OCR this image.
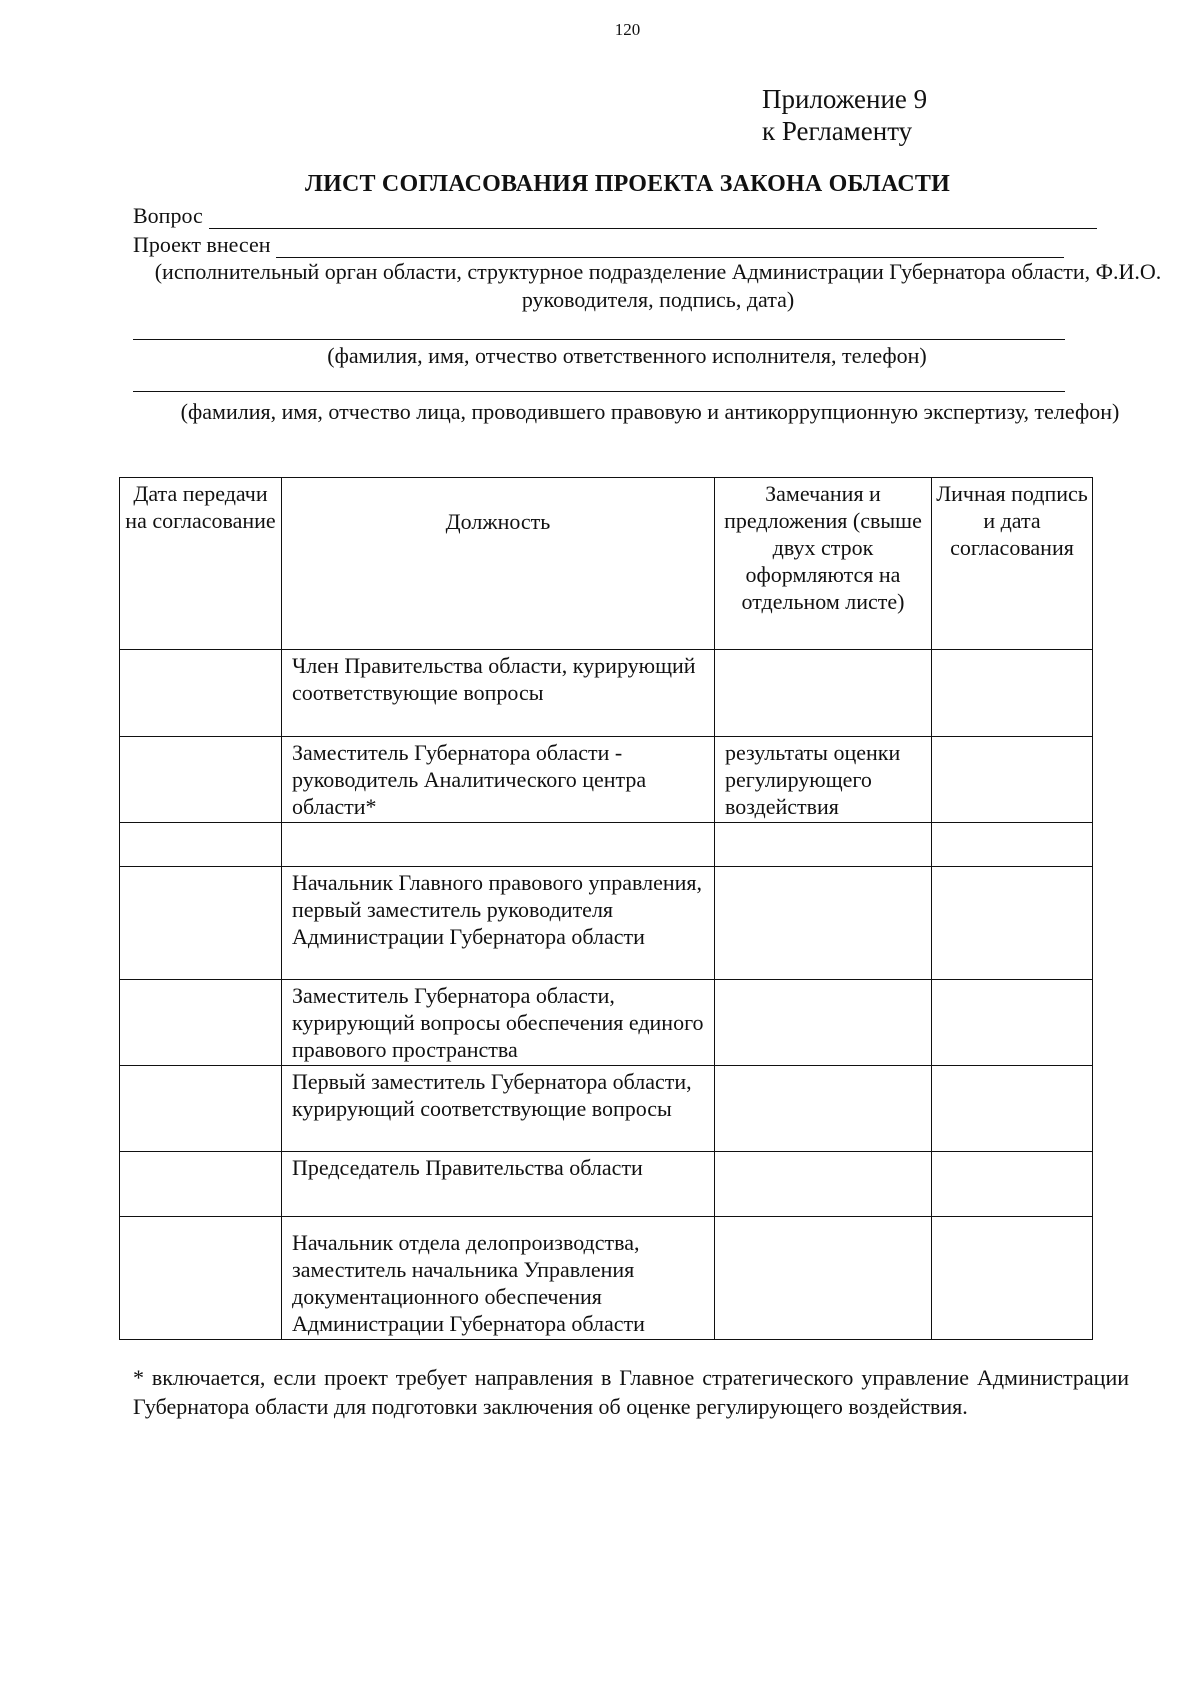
120
Приложение 9
к Регламенту
ЛИСТ СОГЛАСОВАНИЯ ПРОЕКТА ЗАКОНА ОБЛАСТИ
Вопрос
Проект внесен
(исполнительный орган области, структурное подразделение Администрации Губернатора области, Ф.И.О. руководителя, подпись, дата)
(фамилия, имя, отчество ответственного исполнителя, телефон)
(фамилия, имя, отчество лица, проводившего правовую и антикоррупционную экспертизу, телефон)
Дата передачи на согласование	Должность	Замечания и предложения (свыше двух строк оформляются на отдельном листе)	Личная подпись и дата согласования
	Член Правительства области, курирующий соответствующие вопросы		
	Заместитель Губернатора области - руководитель Аналитического центра области*	результаты оценки регулирующего воздействия	

	Начальник Главного правового управления, первый заместитель руководителя Администрации Губернатора области		
	Заместитель Губернатора области, курирующий вопросы обеспечения единого правового пространства		
	Первый заместитель Губернатора области, курирующий соответствующие вопросы		
	Председатель Правительства области		
	Начальник отдела делопроизводства, заместитель начальника Управления документационного обеспечения Администрации Губернатора области		
* включается, если проект требует направления в Главное стратегического управление Администрации Губернатора области для подготовки заключения об оценке регулирующего воздействия.
